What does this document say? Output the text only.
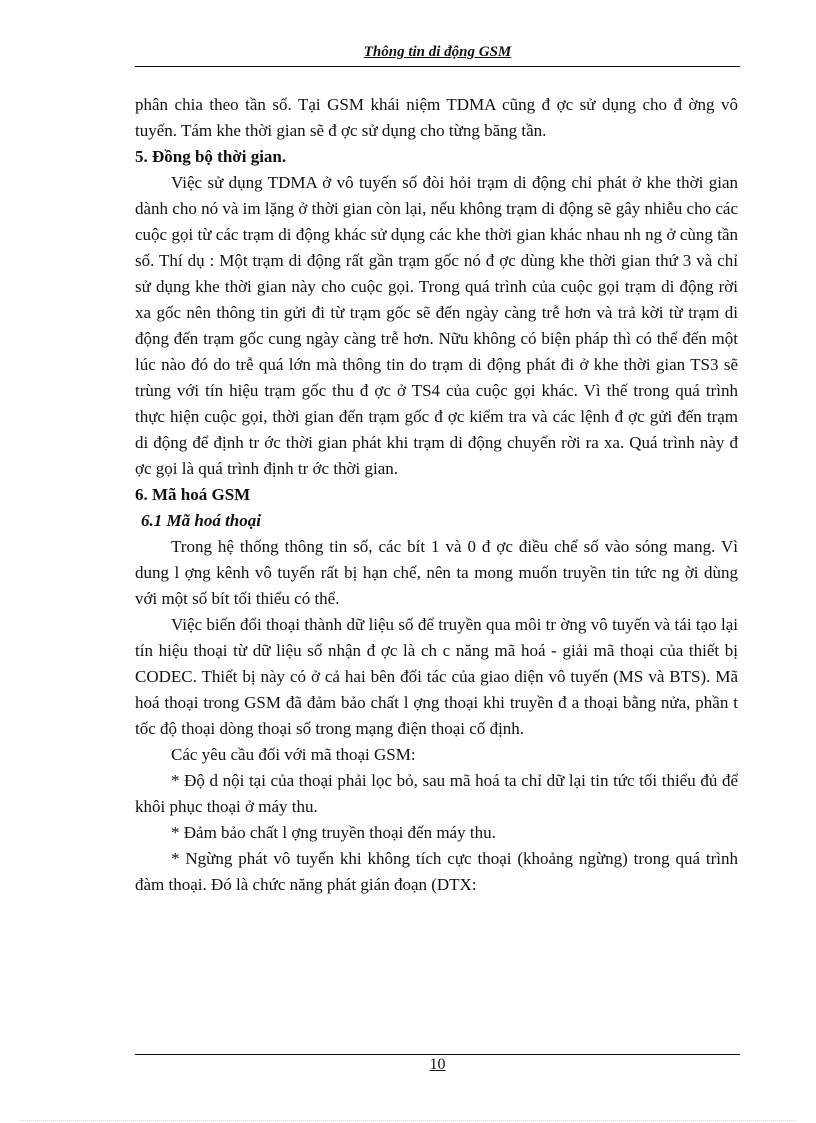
Thông tin di động GSM

phân chia theo tần số. Tại GSM khái niệm TDMA cũng đ ợc sử dụng cho đ ờng vô tuyến. Tám khe thời gian sẽ đ ợc sử dụng cho từng băng tần.

5. Đồng bộ thời gian.

Việc sử dụng TDMA ở vô tuyến số đòi hỏi trạm di động chỉ phát ở khe thời gian dành cho nó và im lặng ở thời gian còn lại, nếu không trạm di động sẽ gây nhiễu cho các cuộc gọi từ các trạm di động khác sử dụng các khe thời gian khác nhau nh ng ở cùng tần số. Thí dụ : Một trạm di động rất gần trạm gốc nó đ ợc dùng khe thời gian thứ 3 và chỉ sử dụng khe thời gian này cho cuộc gọi. Trong quá trình của cuộc gọi trạm di động rời xa gốc nên thông tin gửi đi từ trạm gốc sẽ đến ngày càng trễ hơn và trả kời từ trạm di động đến trạm gốc cung ngày càng trễ hơn. Nữu không có biện pháp thì có thể đến một lúc nào đó do trễ quá lớn mà thông tin do trạm di động phát đi ở khe thời gian TS3 sẽ trùng với tín hiệu trạm gốc thu đ ợc ở TS4 của cuộc gọi khác. Vì thế trong quá trình thực hiện cuộc gọi, thời gian đến trạm gốc đ ợc kiểm tra và các lệnh đ ợc gửi đến trạm di động để định tr ớc thời gian phát khi trạm di động chuyển rời ra xa. Quá trình này đ ợc gọi là quá trình định tr ớc thời gian.

6. Mã hoá GSM

6.1 Mã hoá thoại

Trong hệ thống thông tin số, các bít 1 và 0 đ ợc điều chế số vào sóng mang. Vì dung l ợng kênh vô tuyến rất bị hạn chế, nên ta mong muốn truyền tin tức ng ời dùng với một số bít tối thiểu có thể.

Việc biến đổi thoại thành dữ liệu số để truyền qua môi tr ờng vô tuyến và tái tạo lại tín hiệu thoại từ dữ liệu số nhận đ ợc là ch c năng mã hoá - giải mã thoại của thiết bị CODEC. Thiết bị này có ở cả hai bên đối tác của giao diện vô tuyến (MS và BTS). Mã hoá thoại trong GSM đã đảm bảo chất l ợng thoại khi truyền đ a thoại bằng nửa, phần t tốc độ thoại dòng thoại số trong mạng điện thoại cố định.

Các yêu cầu đối với mã thoại GSM:

* Độ d nội tại của thoại phải lọc bỏ, sau mã hoá ta chỉ dữ lại tin tức tối thiểu đủ để khôi phục thoại ở máy thu.

* Đảm bảo chất l ợng truyền thoại đến máy thu.

* Ngừng phát vô tuyến khi không tích cực thoại (khoảng ngừng) trong quá trình đàm thoại. Đó là chức năng phát gián đoạn (DTX:

10
